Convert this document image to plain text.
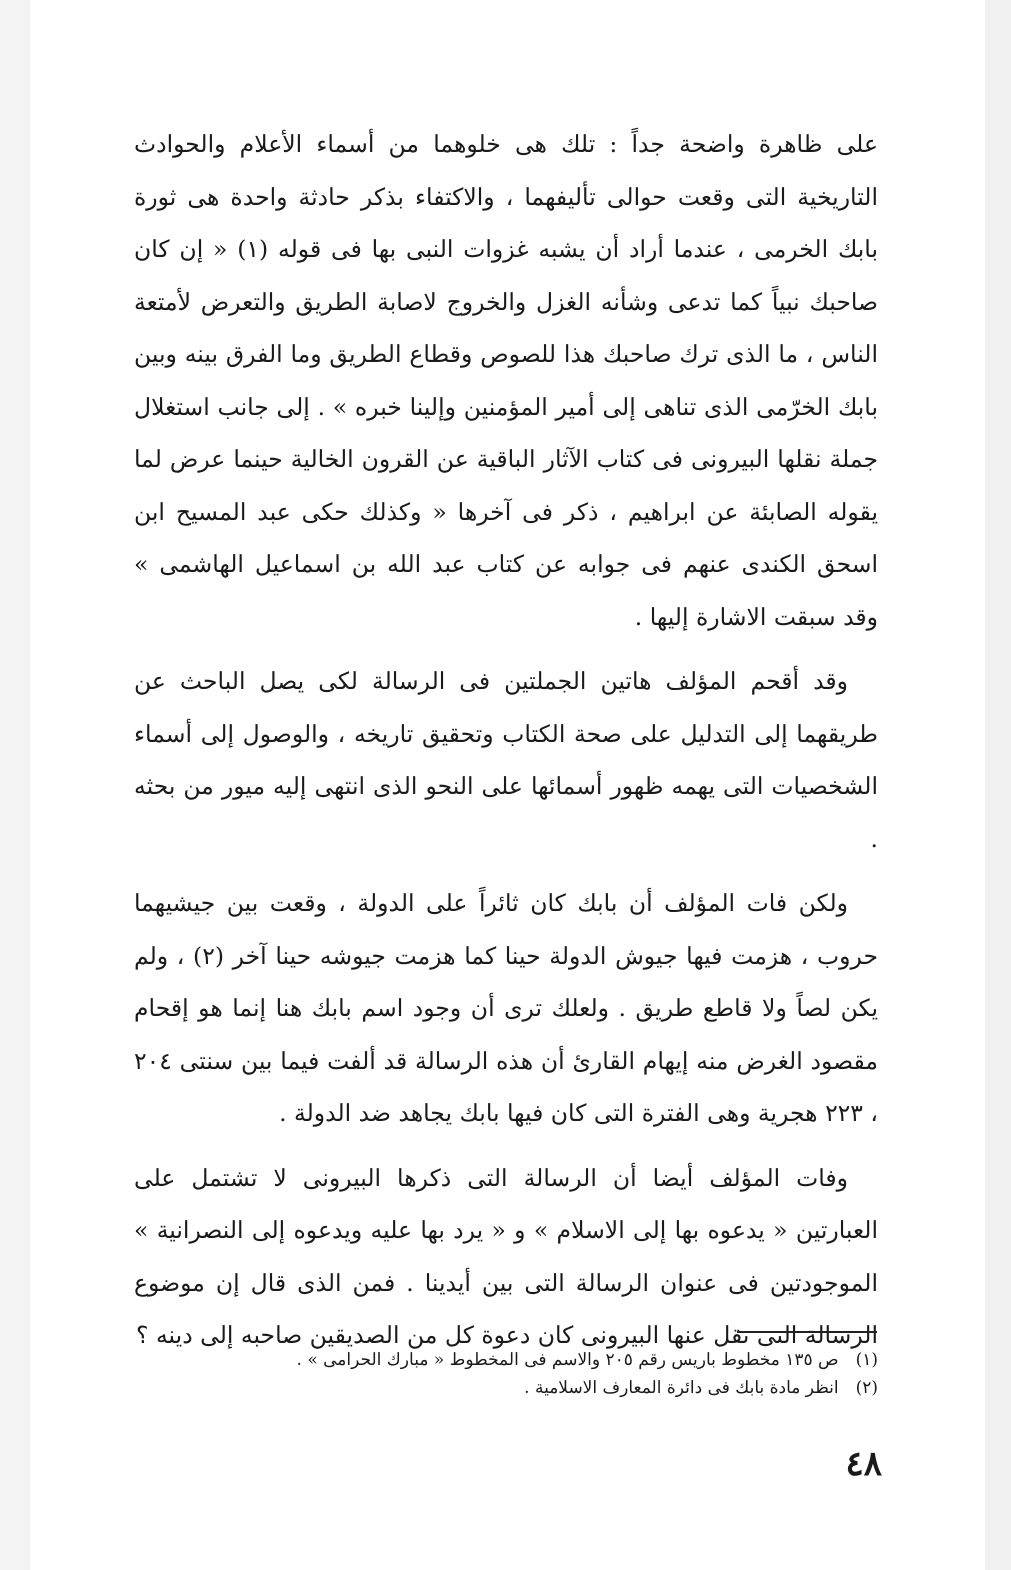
على ظاهرة واضحة جداً : تلك هى خلوهما من أسماء الأعلام والحوادث التاريخية التى وقعت حوالى تأليفهما ، والاكتفاء بذكر حادثة واحدة هى ثورة بابك الخرمى ، عندما أراد أن يشبه غزوات النبى بها فى قوله (١) « إن كان صاحبك نبياً كما تدعى وشأنه الغزل والخروج لاصابة الطريق والتعرض لأمتعة الناس ، ما الذى ترك صاحبك هذا للصوص وقطاع الطريق وما الفرق بينه وبين بابك الخرّمى الذى تناهى إلى أمير المؤمنين وإلينا خبره » . إلى جانب استغلال جملة نقلها البيرونى فى كتاب الآثار الباقية عن القرون الخالية حينما عرض لما يقوله الصابئة عن ابراهيم ، ذكر فى آخرها « وكذلك حكى عبد المسيح ابن اسحق الكندى عنهم فى جوابه عن كتاب عبد الله بن اسماعيل الهاشمى » وقد سبقت الاشارة إليها .
وقد أقحم المؤلف هاتين الجملتين فى الرسالة لكى يصل الباحث عن طريقهما إلى التدليل على صحة الكتاب وتحقيق تاريخه ، والوصول إلى أسماء الشخصيات التى يهمه ظهور أسمائها على النحو الذى انتهى إليه ميور من بحثه .
ولكن فات المؤلف أن بابك كان ثائراً على الدولة ، وقعت بين جيشيهما حروب ، هزمت فيها جيوش الدولة حينا كما هزمت جيوشه حينا آخر (٢) ، ولم يكن لصاً ولا قاطع طريق . ولعلك ترى أن وجود اسم بابك هنا إنما هو إقحام مقصود الغرض منه إيهام القارئ أن هذه الرسالة قد ألفت فيما بين سنتى ٢٠٤ ، ٢٢٣ هجرية وهى الفترة التى كان فيها بابك يجاهد ضد الدولة .
وفات المؤلف أيضا أن الرسالة التى ذكرها البيرونى لا تشتمل على العبارتين « يدعوه بها إلى الاسلام » و « يرد بها عليه ويدعوه إلى النصرانية » الموجودتين فى عنوان الرسالة التى بين أيدينا . فمن الذى قال إن موضوع الرسالة التى نقل عنها البيرونى كان دعوة كل من الصديقين صاحبه إلى دينه ؟
(١) ص ١٣٥ مخطوط باريس رقم ٢٠٥ والاسم فى المخطوط « مبارك الحرامى » .
(٢) انظر مادة بابك فى دائرة المعارف الاسلامية .
٤٨
